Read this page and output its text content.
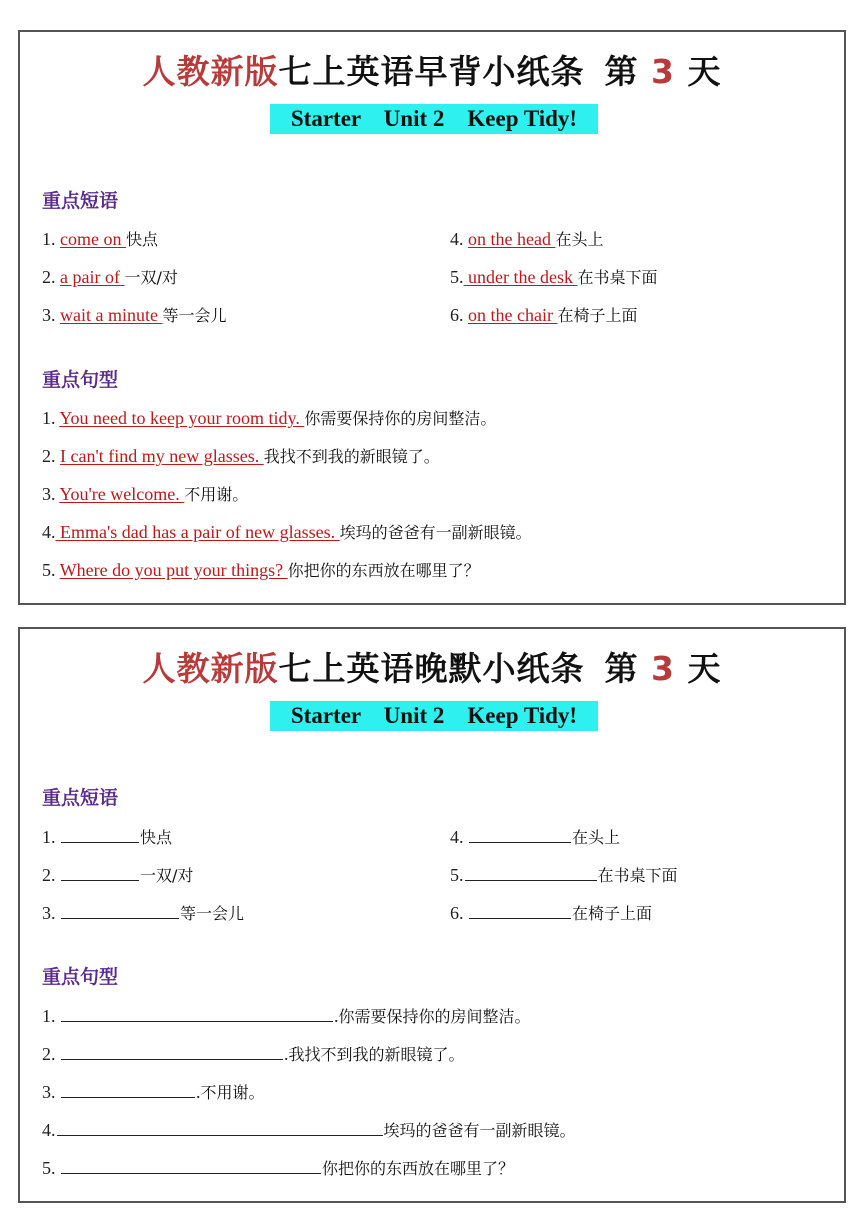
人教新版七上英语早背小纸条 第 3 天
Starter    Unit 2    Keep Tidy!
重点短语
1. come on 快点
2. a pair of 一双/对
3. wait a minute 等一会儿
4. on the head 在头上
5. under the desk 在书桌下面
6. on the chair 在椅子上面
重点句型
1. You need to keep your room tidy. 你需要保持你的房间整洁。
2. I can't find my new glasses. 我找不到我的新眼镜了。
3. You're welcome. 不用谢。
4. Emma's dad has a pair of new glasses. 埃玛的爸爸有一副新眼镜。
5. Where do you put your things? 你把你的东西放在哪里了？
人教新版七上英语晚默小纸条 第 3 天
Starter    Unit 2    Keep Tidy!
重点短语
1.	快点
2.	一双/对
3.	等一会儿
4.	在头上
5.	在书桌下面
6.	在椅子上面
重点句型
1.	.你需要保持你的房间整洁。
2.	.我找不到我的新眼镜了。
3.	.不用谢。
4.	埃玛的爸爸有一副新眼镜。
5.	你把你的东西放在哪里了？
